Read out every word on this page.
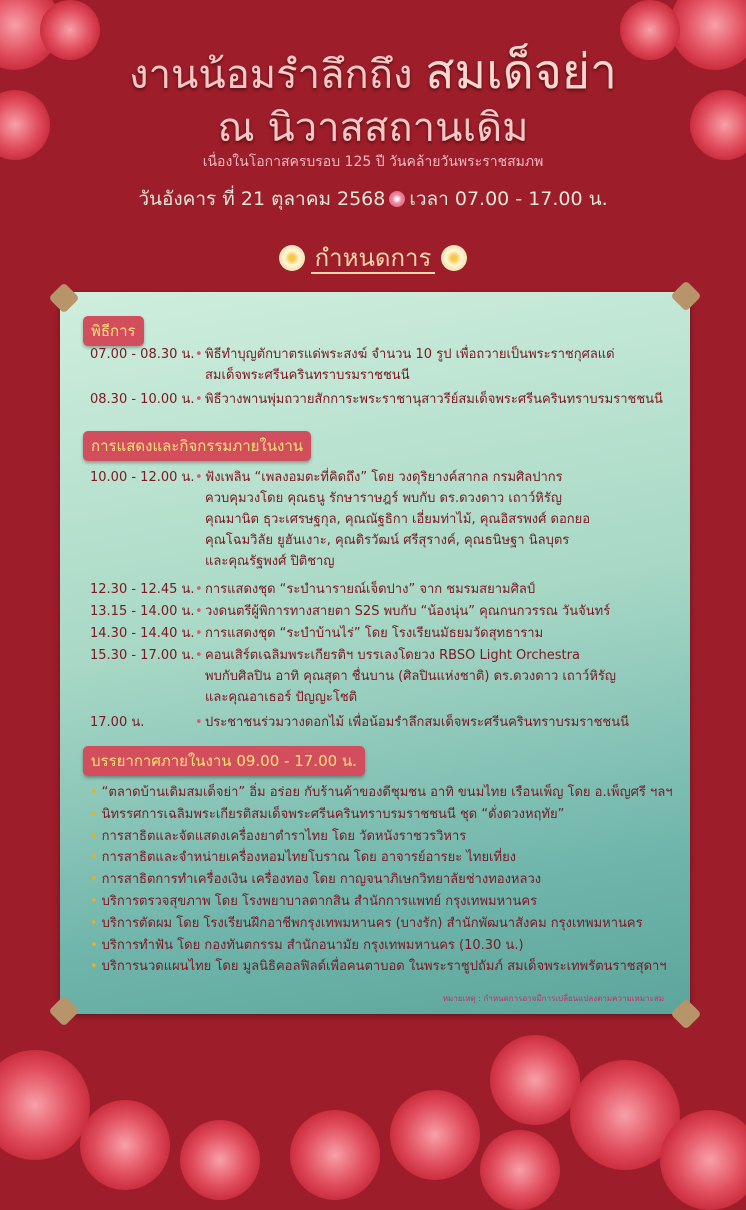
งานน้อมรำลึกถึง สมเด็จย่า
ณ นิวาสสถานเดิม
เนื่องในโอกาสครบรอบ 125 ปี วันคล้ายวันพระราชสมภพ
วันอังคาร ที่ 21 ตุลาคม 2568 เวลา 07.00 - 17.00 น.
กำหนดการ
พิธีการ
07.00 - 08.30 น. • พิธีทำบุญตักบาตรแด่พระสงฆ์ จำนวน 10 รูป เพื่อถวายเป็นพระราชกุศลแด่
สมเด็จพระศรีนครินทราบรมราชชนนี
08.30 - 10.00 น. • พิธีวางพานพุ่มถวายสักการะพระราชานุสาวรีย์สมเด็จพระศรีนครินทราบรมราชชนนี
การแสดงและกิจกรรมภายในงาน
10.00 - 12.00 น. • ฟังเพลิน “เพลงอมตะที่คิดถึง” โดย วงดุริยางค์สากล กรมศิลปากร
ควบคุมวงโดย คุณธนู รักษาราษฎร์ พบกับ ดร.ดวงดาว เถาว์หิรัญ
คุณมานิต ธุวะเศรษฐกุล, คุณณัฐธิกา เอี่ยมท่าไม้, คุณอิสรพงศ์ ดอกยอ
คุณโฉมวิลัย ยูฮันเงาะ, คุณดิรวัฒน์ ศรีสุรางค์, คุณธนิษฐา นิลบุตร
และคุณรัฐพงศ์ ปิติชาญ
12.30 - 12.45 น. • การแสดงชุด “ระบำนารายณ์เจ็ดปาง” จาก ชมรมสยามศิลป์
13.15 - 14.00 น. • วงดนตรีผู้พิการทางสายตา S2S พบกับ “น้องนุ่น” คุณกนกวรรณ วันจันทร์
14.30 - 14.40 น. • การแสดงชุด “ระบำบ้านไร่” โดย โรงเรียนมัธยมวัดสุทธาราม
15.30 - 17.00 น. • คอนเสิร์ตเฉลิมพระเกียรติฯ บรรเลงโดยวง RBSO Light Orchestra
พบกับศิลปิน อาทิ คุณสุดา ชื่นบาน (ศิลปินแห่งชาติ) ดร.ดวงดาว เถาว์หิรัญ
และคุณอาเธอร์ ปัญญะโชติ
17.00 น.	• ประชาชนร่วมวางดอกไม้ เพื่อน้อมรำลึกสมเด็จพระศรีนครินทราบรมราชชนนี
บรรยากาศภายในงาน 09.00 - 17.00 น.
• “ตลาดบ้านเดิมสมเด็จย่า” อิ่ม อร่อย กับร้านค้าของดีชุมชน อาทิ ขนมไทย เรือนเพ็ญ โดย อ.เพ็ญศรี ฯลฯ
• นิทรรศการเฉลิมพระเกียรติสมเด็จพระศรีนครินทราบรมราชชนนี ชุด “ดั่งดวงหฤทัย”
• การสาธิตและจัดแสดงเครื่องยาตำราไทย โดย วัดหนังราชวรวิหาร
• การสาธิตและจำหน่ายเครื่องหอมไทยโบราณ โดย อาจารย์อารยะ ไทยเที่ยง
• การสาธิตการทำเครื่องเงิน เครื่องทอง โดย กาญจนาภิเษกวิทยาลัยช่างทองหลวง
• บริการตรวจสุขภาพ โดย โรงพยาบาลตากสิน สำนักการแพทย์ กรุงเทพมหานคร
• บริการตัดผม โดย โรงเรียนฝึกอาชีพกรุงเทพมหานคร (บางรัก) สำนักพัฒนาสังคม กรุงเทพมหานคร
• บริการทำฟัน โดย กองทันตกรรม สำนักอนามัย กรุงเทพมหานคร (10.30 น.)
• บริการนวดแผนไทย โดย มูลนิธิคอลฟิลด์เพื่อคนตาบอด ในพระราชูปถัมภ์ สมเด็จพระเทพรัตนราชสุดาฯ
หมายเหตุ : กำหนดการอาจมีการเปลี่ยนแปลงตามความเหมาะสม
